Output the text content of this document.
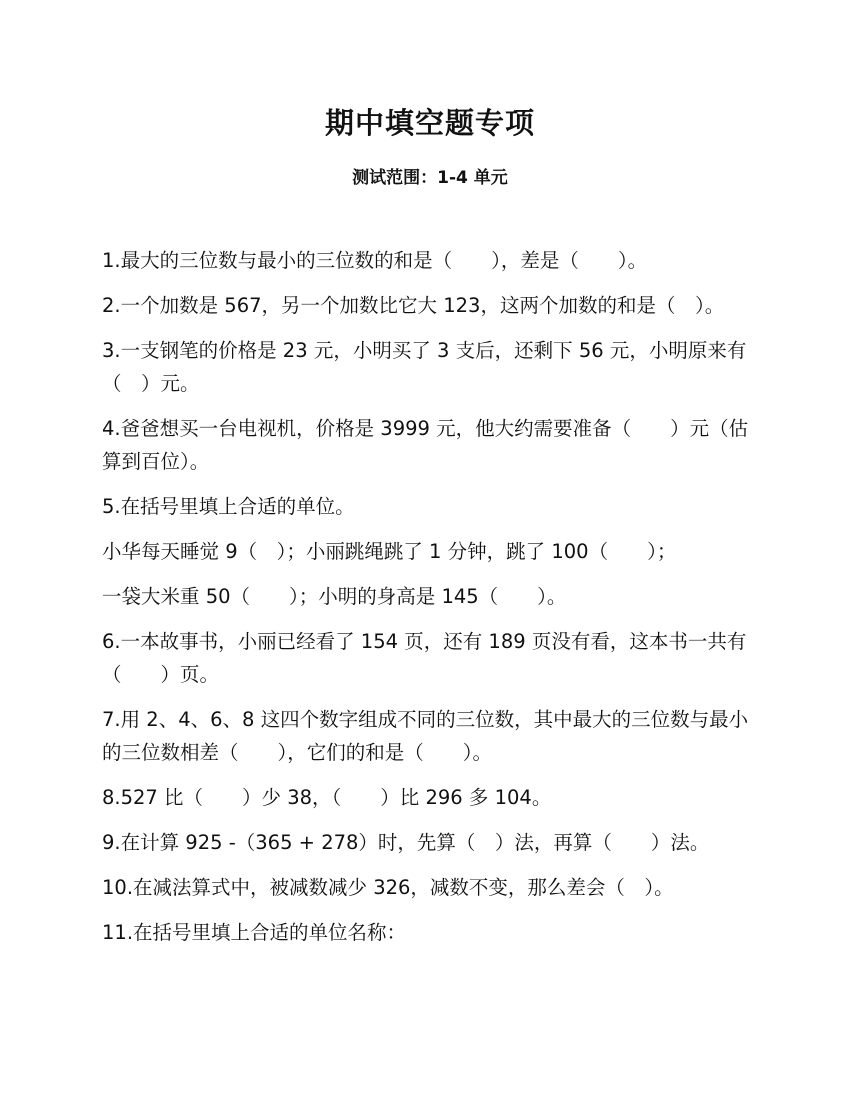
期中填空题专项
测试范围：1-4 单元

1.最大的三位数与最小的三位数的和是（　　），差是（　　）。

2.一个加数是 567，另一个加数比它大 123，这两个加数的和是（　）。

3.一支钢笔的价格是 23 元，小明买了 3 支后，还剩下 56 元，小明原来有（　）元。

4.爸爸想买一台电视机，价格是 3999 元，他大约需要准备（　　）元（估算到百位）。

5.在括号里填上合适的单位。

小华每天睡觉 9（　）；小丽跳绳跳了 1 分钟，跳了 100（　　）；

一袋大米重 50（　　）；小明的身高是 145（　　）。

6.一本故事书，小丽已经看了 154 页，还有 189 页没有看，这本书一共有（　　）页。

7.用 2、4、6、8 这四个数字组成不同的三位数，其中最大的三位数与最小的三位数相差（　　），它们的和是（　　）。

8.527 比（　　）少 38，（　　）比 296 多 104。

9.在计算 925 -（365 + 278）时，先算（　）法，再算（　　）法。

10.在减法算式中，被减数减少 326，减数不变，那么差会（　）。

11.在括号里填上合适的单位名称：
